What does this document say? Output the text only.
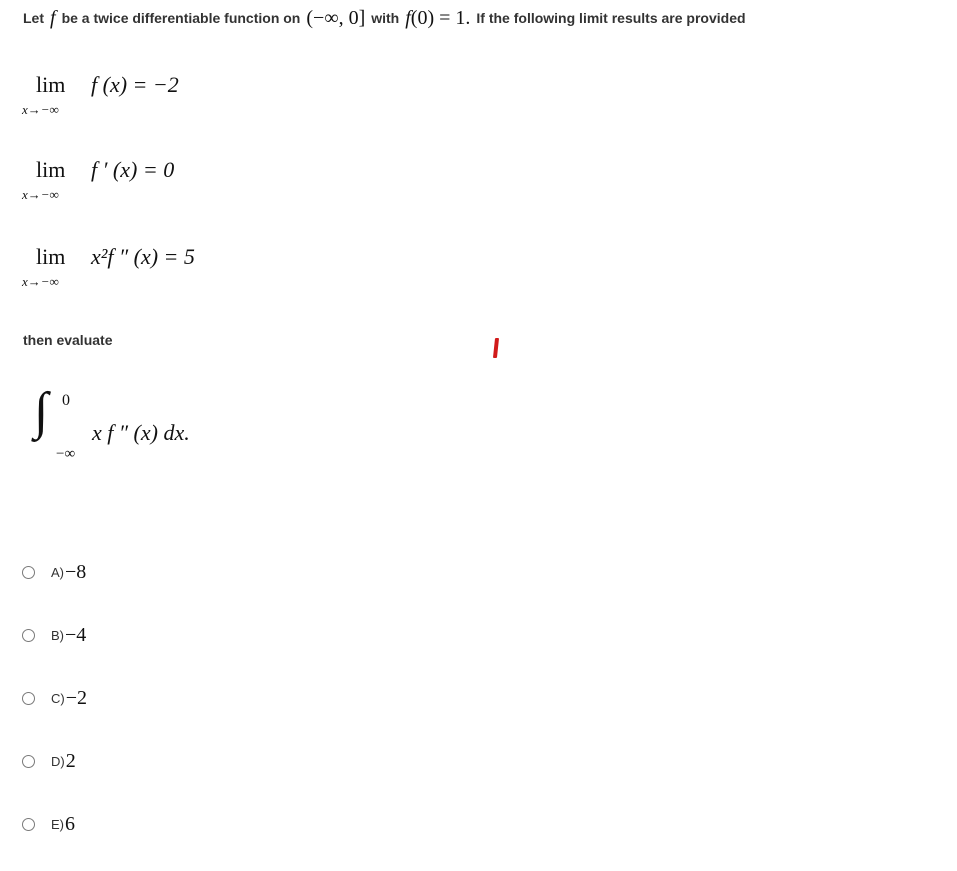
Let f be a twice differentiable function on (−∞, 0] with f (0) = 1. If the following limit results are provided
lim
x→−∞
f (x) = −2
lim
x→−∞
f ′ (x) = 0
lim
x→−∞
x²f ″ (x) = 5
then evaluate
∫ 0
−∞
x f ″ (x) dx.
A) −8
B) −4
C) −2
D) 2
E) 6
